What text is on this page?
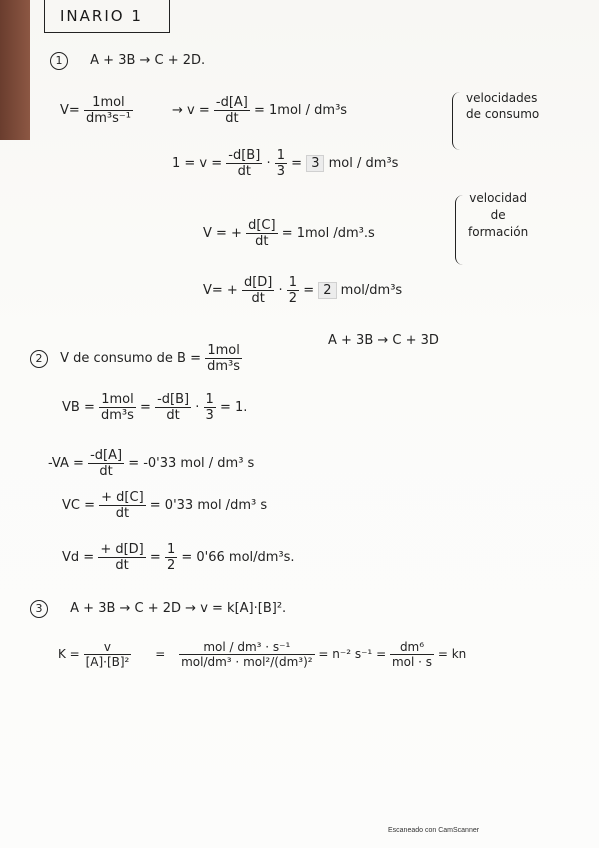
INARIO 1
1 A + 3B → C + 2D.
$V= \frac{\text{1mol}}{\text{dm³s⁻¹}}$	→ $v = \frac{-d[A]}{dt} = 1mol / dm^3s$
$1 = v = \frac{-d[B]}{dt} \cdot \frac{1}{3} = 3$ mol / dm³s
velocidades
de consumo
V = + $\frac{d[C]}{dt} = 1mol$ /dm³.s
$V= + \frac{d[D]}{dt} \cdot \frac{1}{2} = 2$ mol/dm³s
velocidad
de
formación
2 V de consumo de $B = \frac{\text{1mol}}{\text{dm³s}}$
A + 3B → C + 3D
VB = $\frac{\text{1mol}}{\text{dm³s}} = \frac{-d[B]}{dt} \cdot \frac{1}{3} = 1$.
$-VA = \frac{-d[A]}{dt} = -0'33$ mol / dm³ s
VC = $\frac{+ d[C]}{dt} = 0'33$ mol /dm³ s
$Vd = \frac{+ d[D]}{dt} = \frac{1}{2} = 0'66$ mol/dm³s.
3 A + 3B → C + 2D → v = k[A]·[B]².
$K = \frac{v}{\text{[A]·[B]²}} = \frac{\text{mol / dm³ · s⁻¹}}{\text{mol/dm³ · mol²/(dm³)²}} = n^{-2}$ $s^{-1} = \frac{\text{dm⁶}}{\text{mol · s}}$ = kn
Escaneado con CamScanner
